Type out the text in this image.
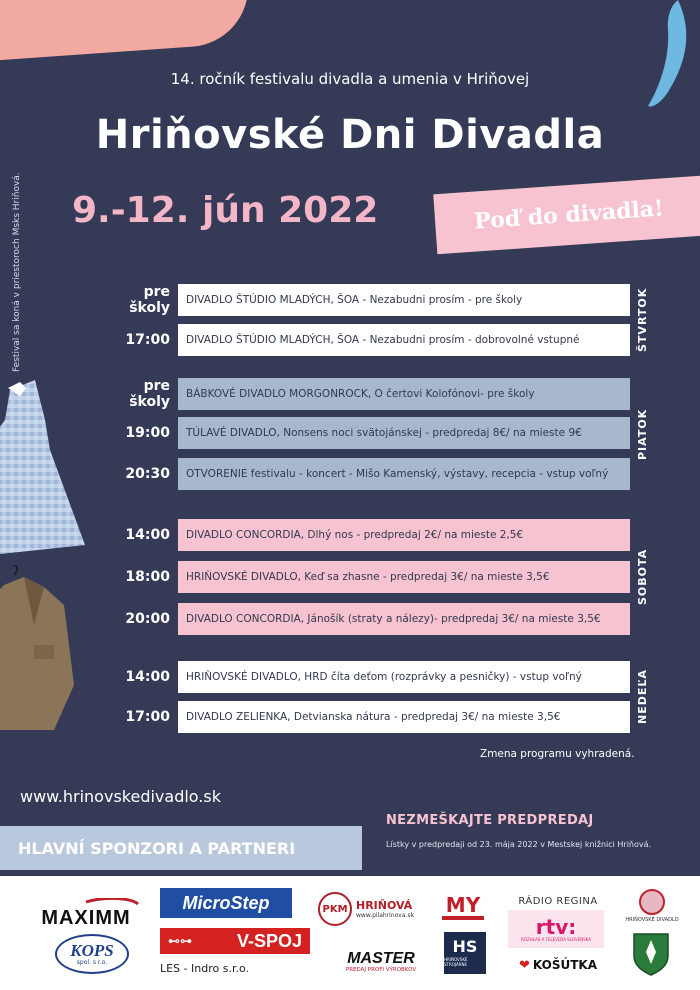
14. ročník festivalu divadla a umenia v Hriňovej
Hriňovské Dni Divadla
9.-12. jún 2022	Poď do divadla!
Festival sa koná v priestoroch Msks Hriňová.	pre školy	DIVADLO ŠTÚDIO MLADÝCH, ŠOA - Nezabudni prosím - pre školy
17:00	DIVADLO ŠTÚDIO MLADÝCH, ŠOA - Nezabudni prosím - dobrovolné vstupné	ŠTVRTOK
pre školy	BÁBKOVÉ DIVADLO MORGONROCK, O čertovi Kolofónovi- pre školy
19:00	TÚLAVÉ DIVADLO, Nonsens noci svätojánskej - predpredaj 8€/ na mieste 9€
20:30	OTVORENIE festivalu - koncert - Mišo Kamenský, výstavy, recepcia - vstup voľný
PIATOK
14:00	DIVADLO CONCORDIA, Dlhý nos - predpredaj 2€/ na mieste 2,5€
18:00	HRIŇOVSKÉ DIVADLO, Keď sa zhasne - predpredaj 3€/ na mieste 3,5€
20:00	DIVADLO CONCORDIA, Jánošík (straty a nálezy)- predpredaj 3€/ na mieste 3,5€
SOBOTA
14:00	HRIŇOVSKÉ DIVADLO, HRD číta deťom (rozprávky a pesničky) - vstup voľný
17:00	DIVADLO ZELIENKA, Detvianska nátura - predpredaj 3€/ na mieste 3,5€	NEDEĽA
Zmena programu vyhradená.
www.hrinovskedivadlo.sk
HLAVNÍ SPONZORI A PARTNERI
NEZMEŠKAJTE PREDPREDAJ
Lístky v predpredaji od 23. mája 2022 v Mestskej knižnici Hriňová.
MAXIMM
KOPS
spol. s r.o.
MicroStep
⊷⊶ V-SPOJ
LES - Indro s.r.o.
PKM HRIŇOVÁ
www.pilahrinova.sk
MASTER
PREDAJ PROFI VÝROBKOV
MY
HS
HRIŇOVSKÉ STROJÁRNE
RÁDIO REGINA
rtv:
ROZHLAS A TELEVÍZIA SLOVENSKA
❤ KOŠÚTKA
HRIŇOVSKÉ DIVADLO
